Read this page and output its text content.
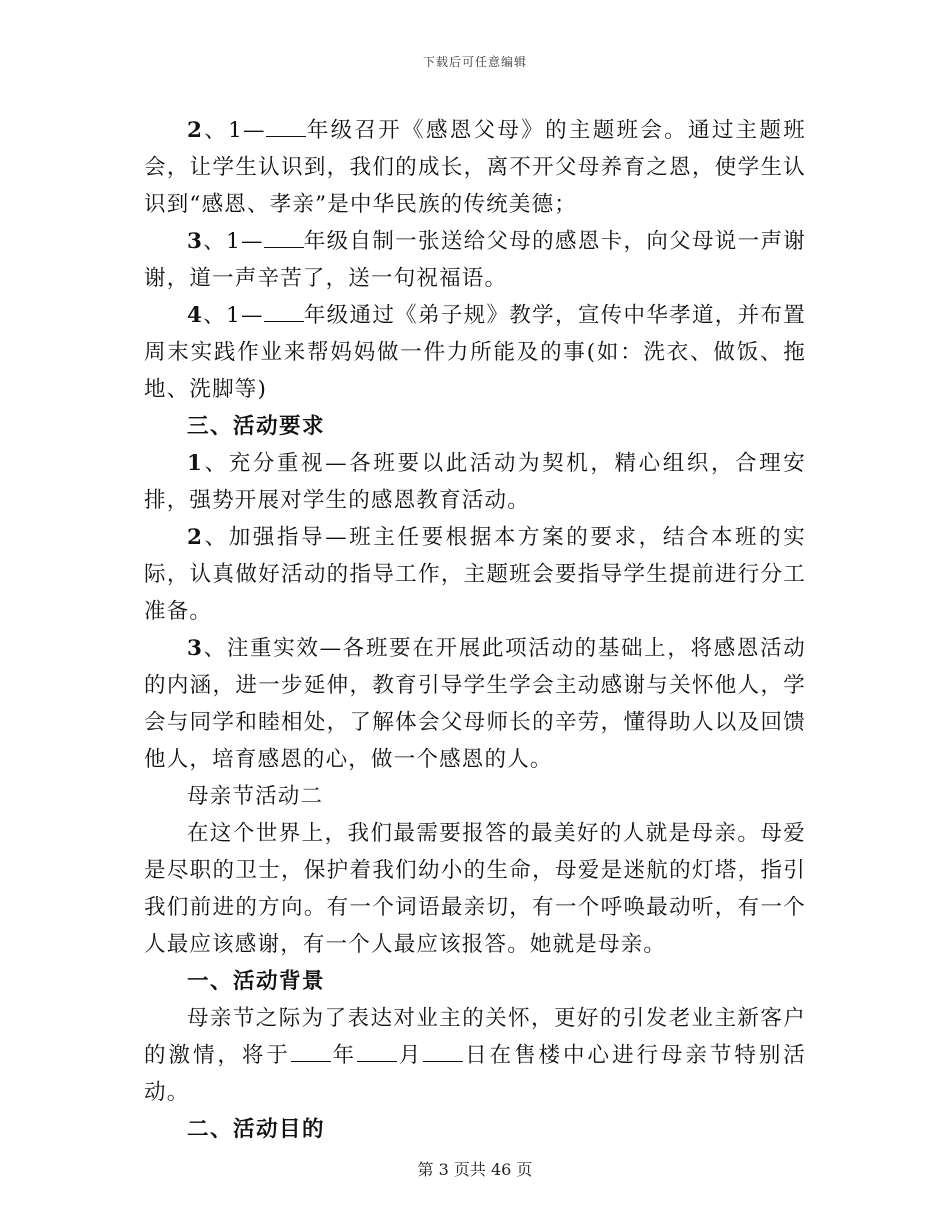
下载后可任意编辑

2、1— 年级召开《感恩父母》的主题班会。通过主题班会，让学生认识到，我们的成长，离不开父母养育之恩，使学生认识到“感恩、孝亲”是中华民族的传统美德；

3、1— 年级自制一张送给父母的感恩卡，向父母说一声谢谢，道一声辛苦了，送一句祝福语。

4、1— 年级通过《弟子规》教学，宣传中华孝道，并布置周末实践作业来帮妈妈做一件力所能及的事(如：洗衣、做饭、拖地、洗脚等)

三、活动要求

1、充分重视—各班要以此活动为契机，精心组织，合理安排，强势开展对学生的感恩教育活动。

2、加强指导—班主任要根据本方案的要求，结合本班的实际，认真做好活动的指导工作，主题班会要指导学生提前进行分工准备。

3、注重实效—各班要在开展此项活动的基础上，将感恩活动的内涵，进一步延伸，教育引导学生学会主动感谢与关怀他人，学会与同学和睦相处，了解体会父母师长的辛劳，懂得助人以及回馈他人，培育感恩的心，做一个感恩的人。

母亲节活动二

在这个世界上，我们最需要报答的最美好的人就是母亲。母爱是尽职的卫士，保护着我们幼小的生命，母爱是迷航的灯塔，指引我们前进的方向。有一个词语最亲切，有一个呼唤最动听，有一个人最应该感谢，有一个人最应该报答。她就是母亲。

一、活动背景

母亲节之际为了表达对业主的关怀，更好的引发老业主新客户的激情，将于 年 月 日在售楼中心进行母亲节特别活动。

二、活动目的

第 3 页共 46 页
